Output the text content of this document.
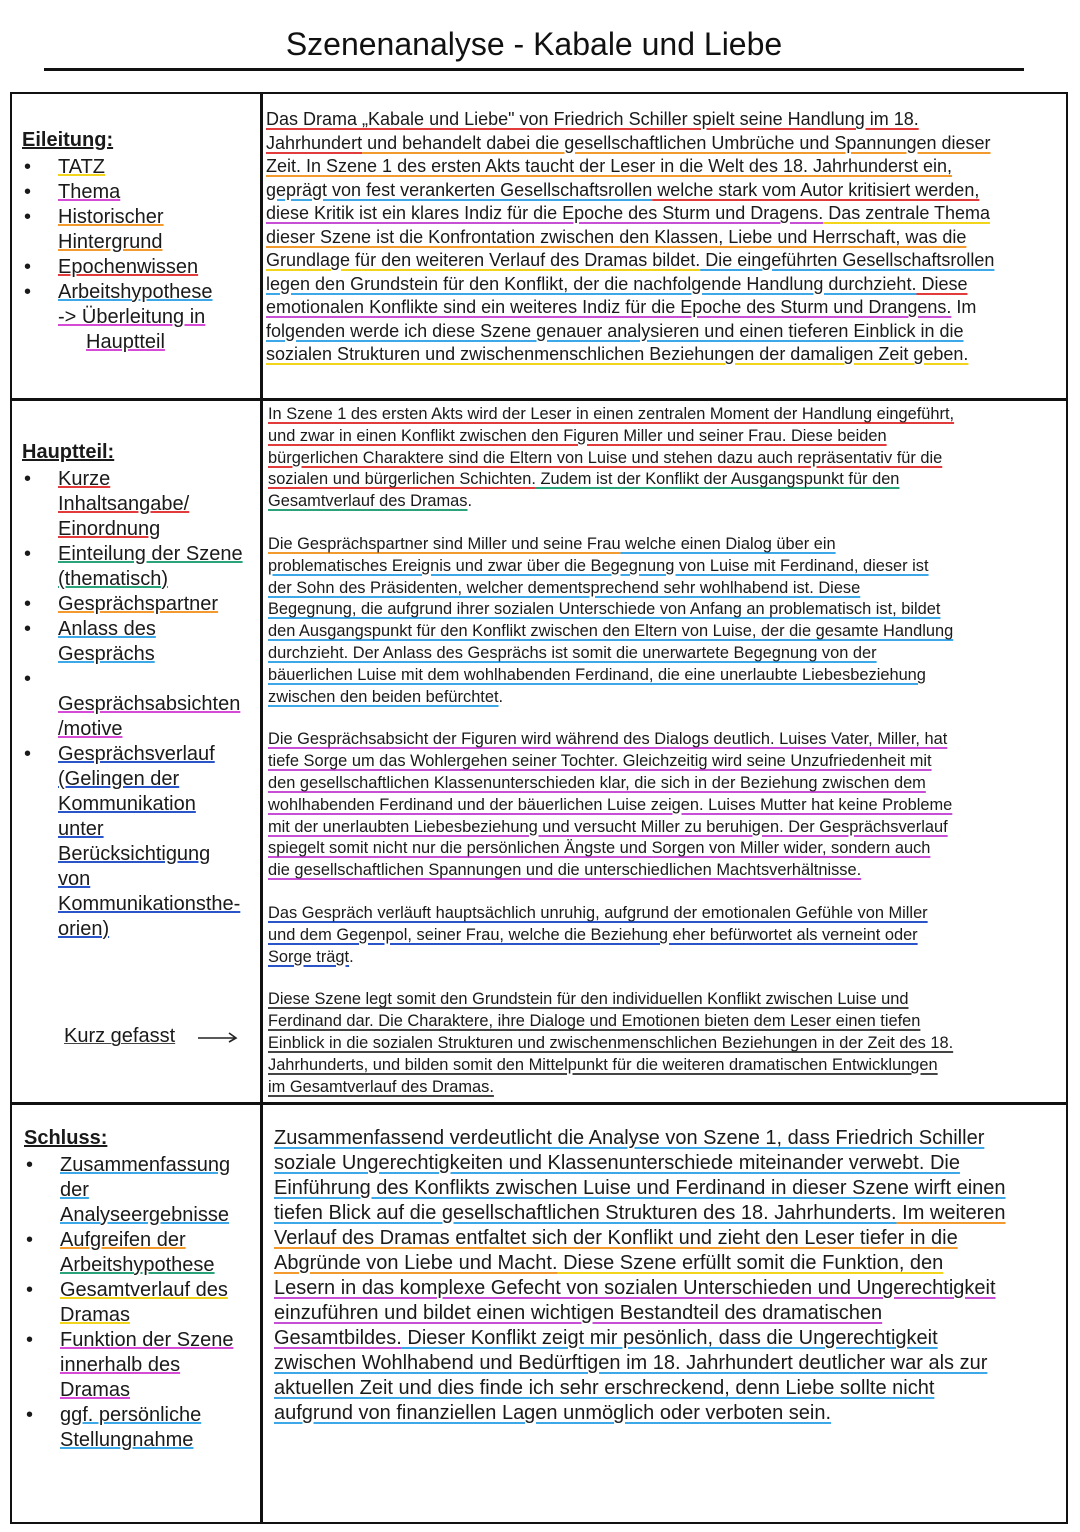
Szenenanalyse - Kabale und Liebe
Eileitung:
• TATZ
• Thema
• Historischer
Hintergrund
• Epochenwissen
• Arbeitshypothese
-> Überleitung in
Hauptteil
Das Drama „Kabale und Liebe" von Friedrich Schiller spielt seine Handlung im 18.
Jahrhundert und behandelt dabei die gesellschaftlichen Umbrüche und Spannungen dieser
Zeit. In Szene 1 des ersten Akts taucht der Leser in die Welt des 18. Jahrhunderst ein,
geprägt von fest verankerten Gesellschaftsrollen welche stark vom Autor kritisiert werden,
diese Kritik ist ein klares Indiz für die Epoche des Sturm und Dragens. Das zentrale Thema
dieser Szene ist die Konfrontation zwischen den Klassen, Liebe und Herrschaft, was die
Grundlage für den weiteren Verlauf des Dramas bildet. Die eingeführten Gesellschaftsrollen
legen den Grundstein für den Konflikt, der die nachfolgende Handlung durchzieht. Diese
emotionalen Konflikte sind ein weiteres Indiz für die Epoche des Sturm und Drangens. Im
folgenden werde ich diese Szene genauer analysieren und einen tieferen Einblick in die
sozialen Strukturen und zwischenmenschlichen Beziehungen der damaligen Zeit geben.
Hauptteil:
• Kurze
Inhaltsangabe/
Einordnung
• Einteilung der Szene
(thematisch)
• Gesprächspartner
• Anlass des
Gesprächs
•
Gesprächsabsichten
/motive
• Gesprächsverlauf
(Gelingen der
Kommunikation
unter
Berücksichtigung
von
Kommunikationsthe-
orien)
Kurz gefasst

In Szene 1 des ersten Akts wird der Leser in einen zentralen Moment der Handlung eingeführt,
und zwar in einen Konflikt zwischen den Figuren Miller und seiner Frau. Diese beiden
bürgerlichen Charaktere sind die Eltern von Luise und stehen dazu auch repräsentativ für die
sozialen und bürgerlichen Schichten. Zudem ist der Konflikt der Ausgangspunkt für den
Gesamtverlauf des Dramas.

Die Gesprächspartner sind Miller und seine Frau welche einen Dialog über ein
problematisches Ereignis und zwar über die Begegnung von Luise mit Ferdinand, dieser ist
der Sohn des Präsidenten, welcher dementsprechend sehr wohlhabend ist. Diese
Begegnung, die aufgrund ihrer sozialen Unterschiede von Anfang an problematisch ist, bildet
den Ausgangspunkt für den Konflikt zwischen den Eltern von Luise, der die gesamte Handlung
durchzieht. Der Anlass des Gesprächs ist somit die unerwartete Begegnung von der
bäuerlichen Luise mit dem wohlhabenden Ferdinand, die eine unerlaubte Liebesbeziehung
zwischen den beiden befürchtet.

Die Gesprächsabsicht der Figuren wird während des Dialogs deutlich. Luises Vater, Miller, hat
tiefe Sorge um das Wohlergehen seiner Tochter. Gleichzeitig wird seine Unzufriedenheit mit
den gesellschaftlichen Klassenunterschieden klar, die sich in der Beziehung zwischen dem
wohlhabenden Ferdinand und der bäuerlichen Luise zeigen. Luises Mutter hat keine Probleme
mit der unerlaubten Liebesbeziehung und versucht Miller zu beruhigen. Der Gesprächsverlauf
spiegelt somit nicht nur die persönlichen Ängste und Sorgen von Miller wider, sondern auch
die gesellschaftlichen Spannungen und die unterschiedlichen Machtsverhältnisse.

Das Gespräch verläuft hauptsächlich unruhig, aufgrund der emotionalen Gefühle von Miller
und dem Gegenpol, seiner Frau, welche die Beziehung eher befürwortet als verneint oder
Sorge trägt.

Diese Szene legt somit den Grundstein für den individuellen Konflikt zwischen Luise und
Ferdinand dar. Die Charaktere, ihre Dialoge und Emotionen bieten dem Leser einen tiefen
Einblick in die sozialen Strukturen und zwischenmenschlichen Beziehungen in der Zeit des 18.
Jahrhunderts, und bilden somit den Mittelpunkt für die weiteren dramatischen Entwicklungen
im Gesamtverlauf des Dramas.

Schluss:
• Zusammenfassung
der
Analyseergebnisse
• Aufgreifen der
Arbeitshypothese
• Gesamtverlauf des
Dramas
• Funktion der Szene
innerhalb des
Dramas
• ggf. persönliche
Stellungnahme
Zusammenfassend verdeutlicht die Analyse von Szene 1, dass Friedrich Schiller
soziale Ungerechtigkeiten und Klassenunterschiede miteinander verwebt. Die
Einführung des Konflikts zwischen Luise und Ferdinand in dieser Szene wirft einen
tiefen Blick auf die gesellschaftlichen Strukturen des 18. Jahrhunderts. Im weiteren
Verlauf des Dramas entfaltet sich der Konflikt und zieht den Leser tiefer in die
Abgründe von Liebe und Macht. Diese Szene erfüllt somit die Funktion, den
Lesern in das komplexe Gefecht von sozialen Unterschieden und Ungerechtigkeit
einzuführen und bildet einen wichtigen Bestandteil des dramatischen
Gesamtbildes. Dieser Konflikt zeigt mir pesönlich, dass die Ungerechtigkeit
zwischen Wohlhabend und Bedürftigen im 18. Jahrhundert deutlicher war als zur
aktuellen Zeit und dies finde ich sehr erschreckend, denn Liebe sollte nicht
aufgrund von finanziellen Lagen unmöglich oder verboten sein.
